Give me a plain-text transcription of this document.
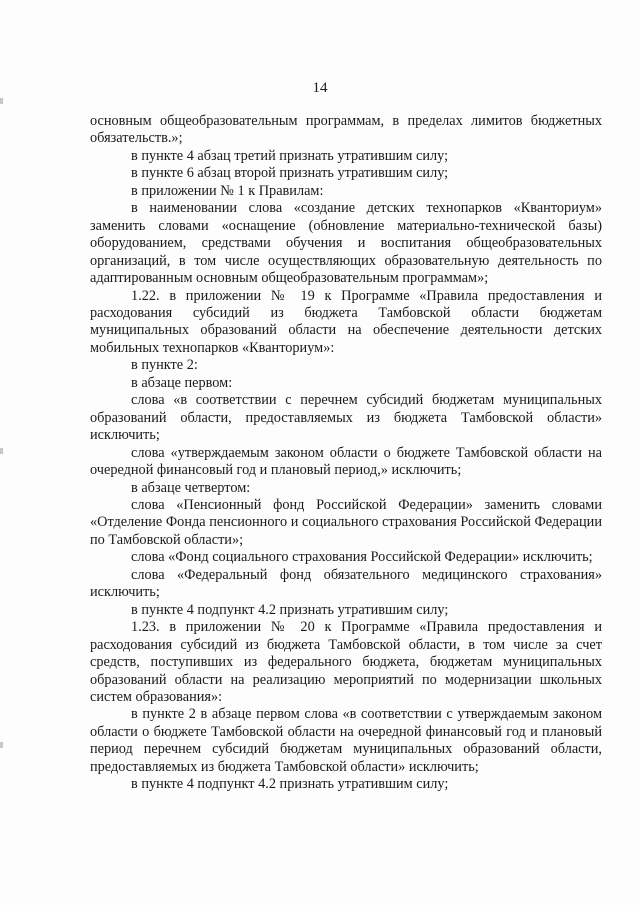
14

основным общеобразовательным программам, в пределах лимитов бюджетных обязательств.»;

в пункте 4 абзац третий признать утратившим силу;

в пункте 6 абзац второй признать утратившим силу;

в приложении № 1 к Правилам:

в наименовании слова «создание детских технопарков «Кванториум» заменить словами «оснащение (обновление материально-технической базы) оборудованием, средствами обучения и воспитания общеобразовательных организаций, в том числе осуществляющих образовательную деятельность по адаптированным основным общеобразовательным программам»;

1.22. в приложении № 19 к Программе «Правила предоставления и расходования субсидий из бюджета Тамбовской области бюджетам муниципальных образований области на обеспечение деятельности детских мобильных технопарков «Кванториум»:

в пункте 2:

в абзаце первом:

слова «в соответствии с перечнем субсидий бюджетам муниципальных образований области, предоставляемых из бюджета Тамбовской области» исключить;

слова «утверждаемым законом области о бюджете Тамбовской области на очередной финансовый год и плановый период,» исключить;

в абзаце четвертом:

слова «Пенсионный фонд Российской Федерации» заменить словами «Отделение Фонда пенсионного и социального страхования Российской Федерации по Тамбовской области»;

слова «Фонд социального страхования Российской Федерации» исключить;

слова «Федеральный фонд обязательного медицинского страхования» исключить;

в пункте 4 подпункт 4.2 признать утратившим силу;

1.23. в приложении № 20 к Программе «Правила предоставления и расходования субсидий из бюджета Тамбовской области, в том числе за счет средств, поступивших из федерального бюджета, бюджетам муниципальных образований области на реализацию мероприятий по модернизации школьных систем образования»:

в пункте 2 в абзаце первом слова «в соответствии с утверждаемым законом области о бюджете Тамбовской области на очередной финансовый год и плановый период перечнем субсидий бюджетам муниципальных образований области, предоставляемых из бюджета Тамбовской области» исключить;

в пункте 4 подпункт 4.2 признать утратившим силу;
